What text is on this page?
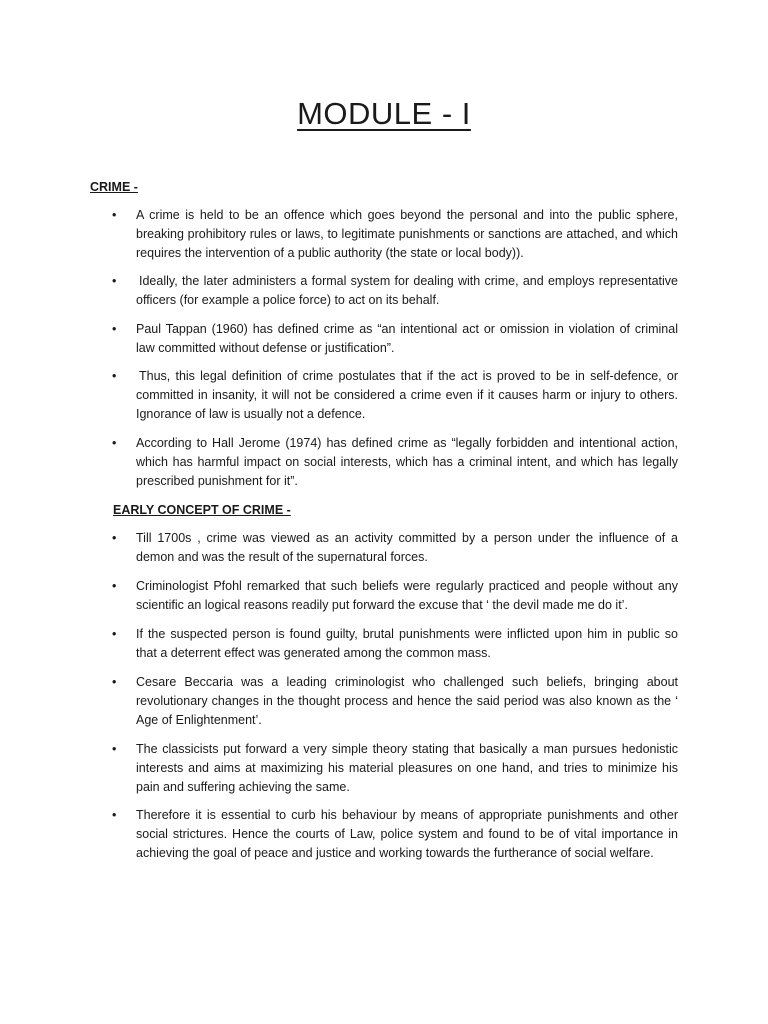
MODULE - I
CRIME -
• A crime is held to be an offence which goes beyond the personal and into the public sphere, breaking prohibitory rules or laws, to legitimate punishments or sanctions are attached, and which requires the intervention of a public authority (the state or local body)).
• Ideally, the later administers a formal system for dealing with crime, and employs representative officers (for example a police force) to act on its behalf.
• Paul Tappan (1960) has defined crime as “an intentional act or omission in violation of criminal law committed without defense or justification”.
• Thus, this legal definition of crime postulates that if the act is proved to be in self-defence, or committed in insanity, it will not be considered a crime even if it causes harm or injury to others. Ignorance of law is usually not a defence.
• According to Hall Jerome (1974) has defined crime as “legally forbidden and intentional action, which has harmful impact on social interests, which has a criminal intent, and which has legally prescribed punishment for it”.
EARLY CONCEPT OF CRIME -
• Till 1700s , crime was viewed as an activity committed by a person under the influence of a demon and was the result of the supernatural forces.
• Criminologist Pfohl remarked that such beliefs were regularly practiced and people without any scientific an logical reasons readily put forward the excuse that ‘ the devil made me do it’.
• If the suspected person is found guilty, brutal punishments were inflicted upon him in public so that a deterrent effect was generated among the common mass.
• Cesare Beccaria was a leading criminologist who challenged such beliefs, bringing about revolutionary changes in the thought process and hence the said period was also known as the ‘ Age of Enlightenment’.
• The classicists put forward a very simple theory stating that basically a man pursues hedonistic interests and aims at maximizing his material pleasures on one hand, and tries to minimize his pain and suffering achieving the same.
• Therefore it is essential to curb his behaviour by means of appropriate punishments and other social strictures. Hence the courts of Law, police system and found to be of vital importance in achieving the goal of peace and justice and working towards the furtherance of social welfare.
